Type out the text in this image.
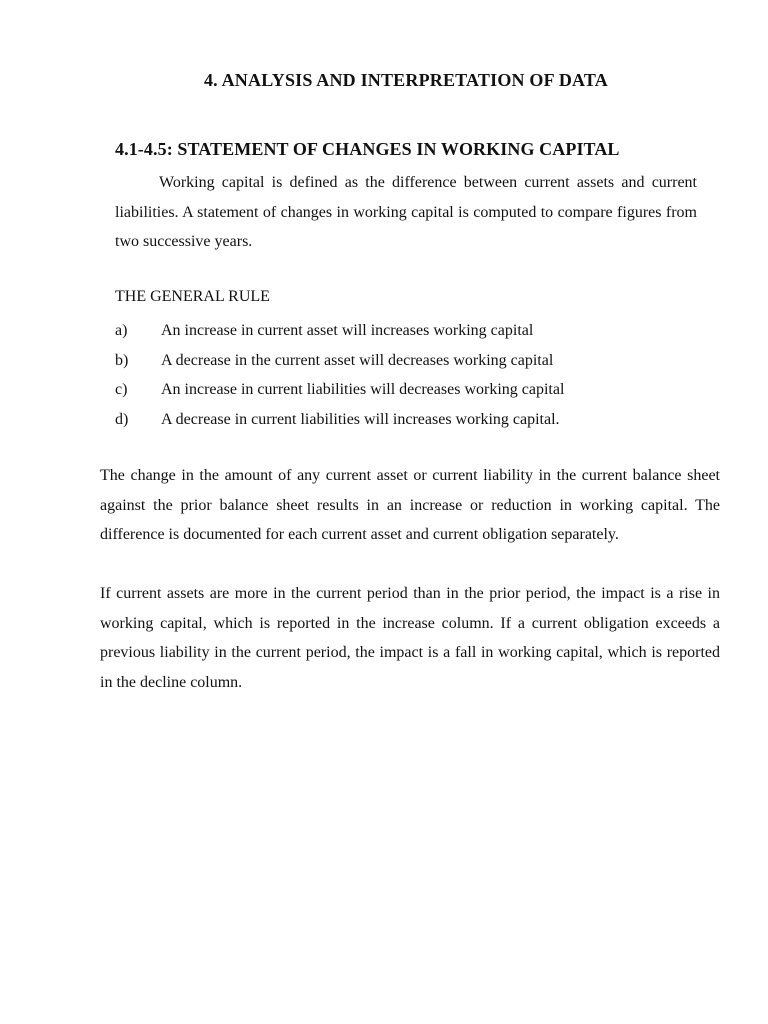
4. ANALYSIS AND INTERPRETATION OF DATA
4.1-4.5: STATEMENT OF CHANGES IN WORKING CAPITAL

Working capital is defined as the difference between current assets and current liabilities. A statement of changes in working capital is computed to compare figures from two successive years.

THE GENERAL RULE
a) An increase in current asset will increases working capital
b) A decrease in the current asset will decreases working capital
c) An increase in current liabilities will decreases working capital
d) A decrease in current liabilities will increases working capital.

The change in the amount of any current asset or current liability in the current balance sheet against the prior balance sheet results in an increase or reduction in working capital. The difference is documented for each current asset and current obligation separately.

If current assets are more in the current period than in the prior period, the impact is a rise in working capital, which is reported in the increase column. If a current obligation exceeds a previous liability in the current period, the impact is a fall in working capital, which is reported in the decline column.
